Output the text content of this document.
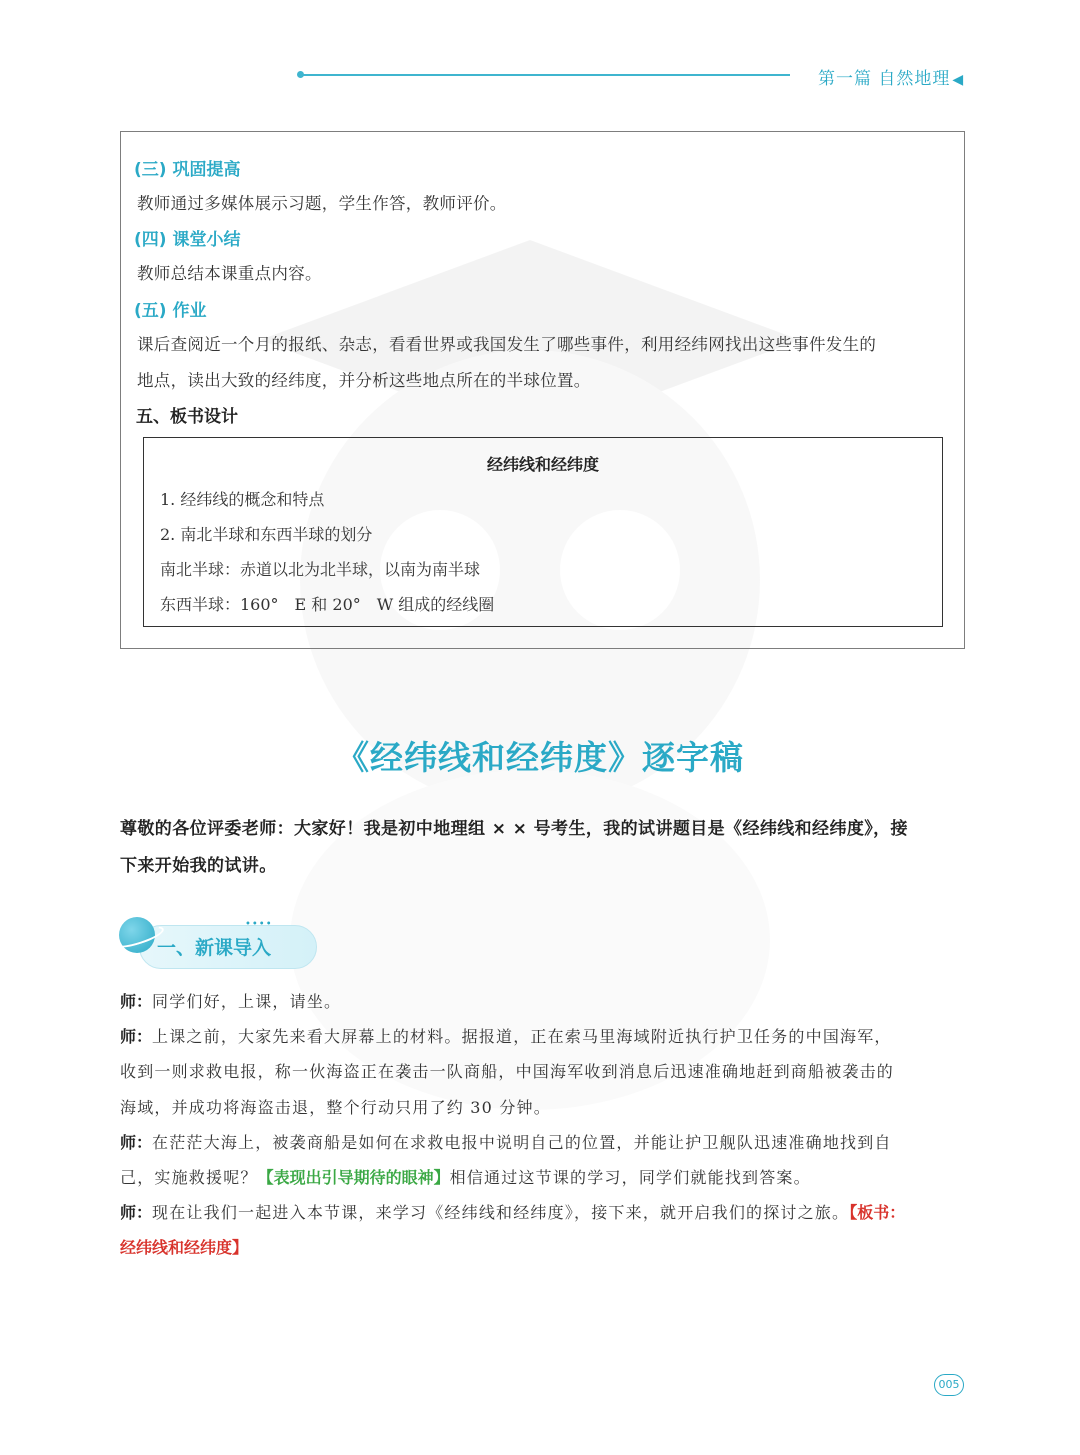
第一篇 自然地理 ◀
(三) 巩固提高
教师通过多媒体展示习题，学生作答，教师评价。
(四) 课堂小结
教师总结本课重点内容。
(五) 作业
课后查阅近一个月的报纸、杂志，看看世界或我国发生了哪些事件，利用经纬网找出这些事件发生的
地点，读出大致的经纬度，并分析这些地点所在的半球位置。
五、板书设计
经纬线和经纬度
1. 经纬线的概念和特点
2. 南北半球和东西半球的划分
南北半球：赤道以北为北半球，以南为南半球
东西半球：160°　E 和 20°　W 组成的经线圈
《经纬线和经纬度》逐字稿
尊敬的各位评委老师：大家好！我是初中地理组 × × 号考生，我的试讲题目是《经纬线和经纬度》，接
下来开始我的试讲。
••••
一、新课导入
师：同学们好，上课，请坐。
师：上课之前，大家先来看大屏幕上的材料。据报道，正在索马里海域附近执行护卫任务的中国海军，
收到一则求救电报，称一伙海盗正在袭击一队商船，中国海军收到消息后迅速准确地赶到商船被袭击的
海域，并成功将海盗击退，整个行动只用了约 30 分钟。
师：在茫茫大海上，被袭商船是如何在求救电报中说明自己的位置，并能让护卫舰队迅速准确地找到自
己，实施救援呢？【表现出引导期待的眼神】相信通过这节课的学习，同学们就能找到答案。
师：现在让我们一起进入本节课，来学习《经纬线和经纬度》，接下来，就开启我们的探讨之旅。【板书：
经纬线和经纬度】
005
